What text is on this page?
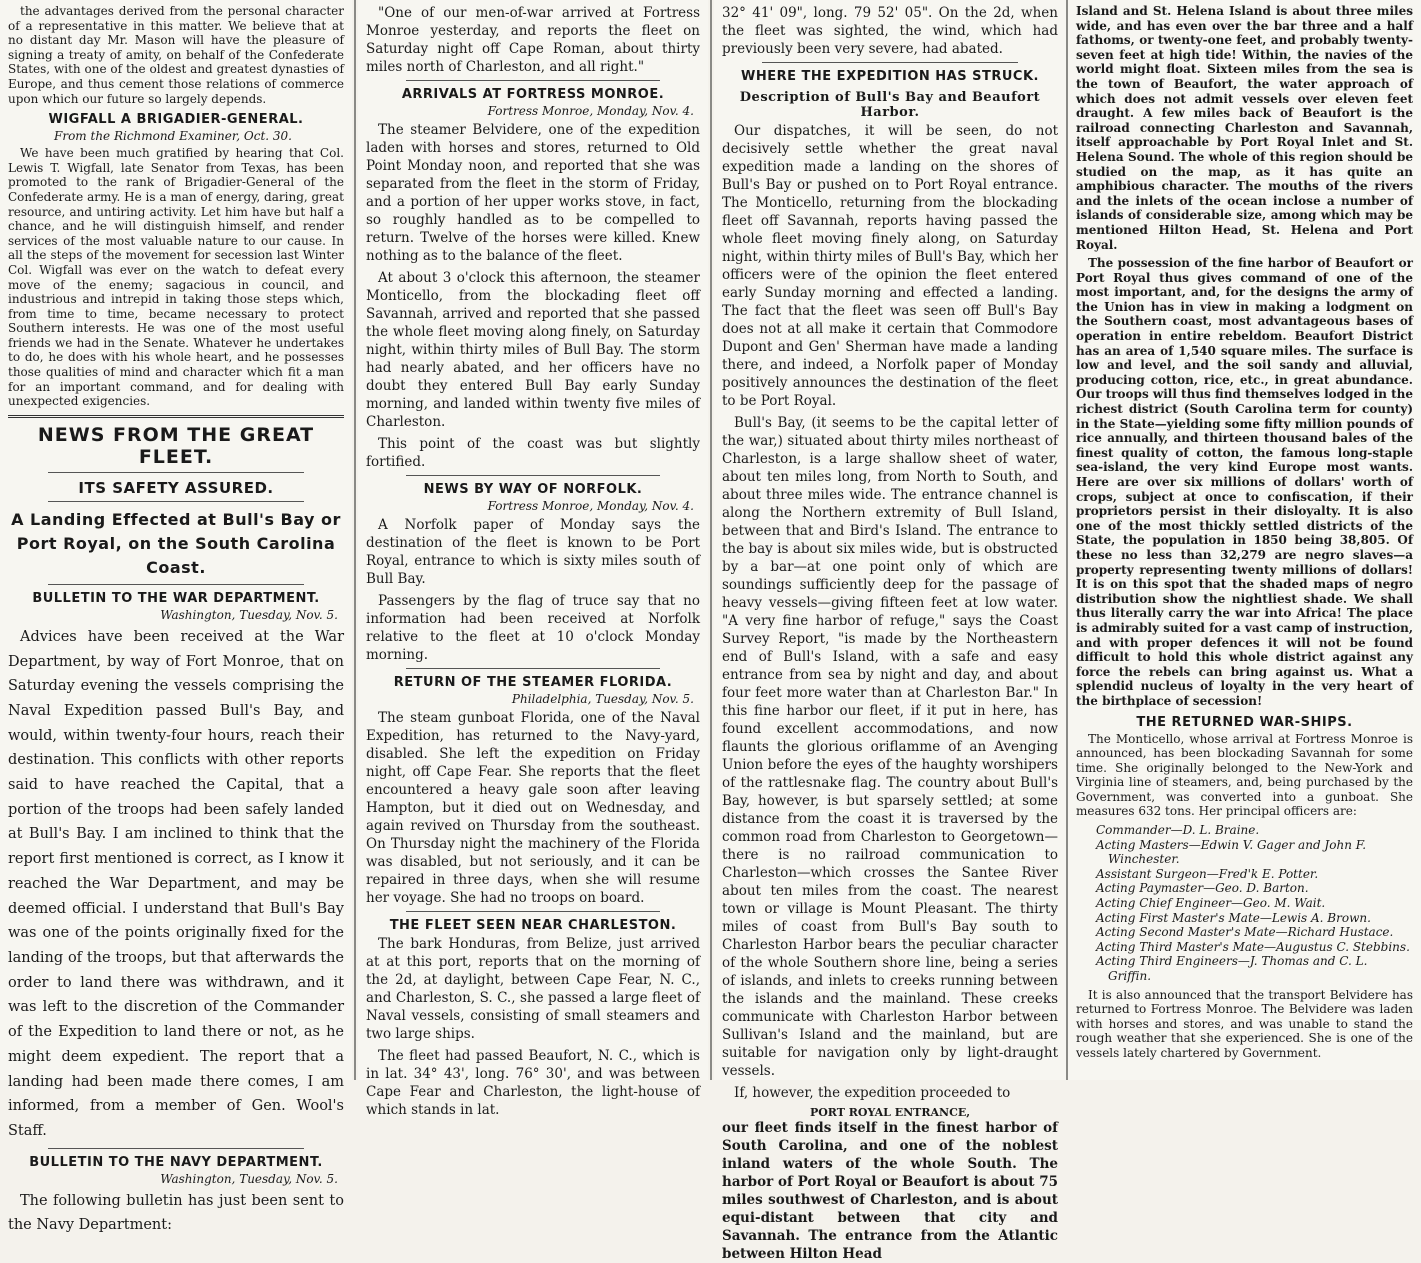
the advantages derived from the personal character of a representative in this matter. We believe that at no distant day Mr. Mason will have the pleasure of signing a treaty of amity, on behalf of the Confederate States, with one of the oldest and greatest dynasties of Europe, and thus cement those relations of commerce upon which our future so largely depends.

WIGFALL A BRIGADIER-GENERAL.
From the Richmond Examiner, Oct. 30.

We have been much gratified by hearing that Col. Lewis T. Wigfall, late Senator from Texas, has been promoted to the rank of Brigadier-General of the Confederate army. He is a man of energy, daring, great resource, and untiring activity. Let him have but half a chance, and he will distinguish himself, and render services of the most valuable nature to our cause. In all the steps of the movement for secession last Winter Col. Wigfall was ever on the watch to defeat every move of the enemy; sagacious in council, and industrious and intrepid in taking those steps which, from time to time, became necessary to protect Southern interests. He was one of the most useful friends we had in the Senate. Whatever he undertakes to do, he does with his whole heart, and he possesses those qualities of mind and character which fit a man for an important command, and for dealing with unexpected exigencies.

NEWS FROM THE GREAT FLEET.
ITS SAFETY ASSURED.
A Landing Effected at Bull's Bay or Port Royal, on the South Carolina Coast.
BULLETIN TO THE WAR DEPARTMENT.
Washington, Tuesday, Nov. 5.

Advices have been received at the War Department, by way of Fort Monroe, that on Saturday evening the vessels comprising the Naval Expedition passed Bull's Bay, and would, within twenty-four hours, reach their destination. This conflicts with other reports said to have reached the Capital, that a portion of the troops had been safely landed at Bull's Bay. I am inclined to think that the report first mentioned is correct, as I know it reached the War Department, and may be deemed official. I understand that Bull's Bay was one of the points originally fixed for the landing of the troops, but that afterwards the order to land there was withdrawn, and it was left to the discretion of the Commander of the Expedition to land there or not, as he might deem expedient. The report that a landing had been made there comes, I am informed, from a member of Gen. Wool's Staff.

BULLETIN TO THE NAVY DEPARTMENT.
Washington, Tuesday, Nov. 5.

The following bulletin has just been sent to the Navy Department:

"One of our men-of-war arrived at Fortress Monroe yesterday, and reports the fleet on Saturday night off Cape Roman, about thirty miles north of Charleston, and all right."

ARRIVALS AT FORTRESS MONROE.
Fortress Monroe, Monday, Nov. 4.

The steamer Belvidere, one of the expedition laden with horses and stores, returned to Old Point Monday noon, and reported that she was separated from the fleet in the storm of Friday, and a portion of her upper works stove, in fact, so roughly handled as to be compelled to return. Twelve of the horses were killed. Knew nothing as to the balance of the fleet.

At about 3 o'clock this afternoon, the steamer Monticello, from the blockading fleet off Savannah, arrived and reported that she passed the whole fleet moving along finely, on Saturday night, within thirty miles of Bull Bay. The storm had nearly abated, and her officers have no doubt they entered Bull Bay early Sunday morning, and landed within twenty five miles of Charleston.

This point of the coast was but slightly fortified.

NEWS BY WAY OF NORFOLK.
Fortress Monroe, Monday, Nov. 4.

A Norfolk paper of Monday says the destination of the fleet is known to be Port Royal, entrance to which is sixty miles south of Bull Bay.

Passengers by the flag of truce say that no information had been received at Norfolk relative to the fleet at 10 o'clock Monday morning.

RETURN OF THE STEAMER FLORIDA.
Philadelphia, Tuesday, Nov. 5.

The steam gunboat Florida, one of the Naval Expedition, has returned to the Navy-yard, disabled. She left the expedition on Friday night, off Cape Fear. She reports that the fleet encountered a heavy gale soon after leaving Hampton, but it died out on Wednesday, and again revived on Thursday from the southeast. On Thursday night the machinery of the Florida was disabled, but not seriously, and it can be repaired in three days, when she will resume her voyage. She had no troops on board.

THE FLEET SEEN NEAR CHARLESTON.

The bark Honduras, from Belize, just arrived at at this port, reports that on the morning of the 2d, at daylight, between Cape Fear, N. C., and Charleston, S. C., she passed a large fleet of Naval vessels, consisting of small steamers and two large ships.

The fleet had passed Beaufort, N. C., which is in lat. 34° 43', long. 76° 30', and was between Cape Fear and Charleston, the light-house of which stands in lat.

32° 41' 09", long. 79 52' 05". On the 2d, when the fleet was sighted, the wind, which had previously been very severe, had abated.

WHERE THE EXPEDITION HAS STRUCK.
Description of Bull's Bay and Beaufort Harbor.

Our dispatches, it will be seen, do not decisively settle whether the great naval expedition made a landing on the shores of Bull's Bay or pushed on to Port Royal entrance. The Monticello, returning from the blockading fleet off Savannah, reports having passed the whole fleet moving finely along, on Saturday night, within thirty miles of Bull's Bay, which her officers were of the opinion the fleet entered early Sunday morning and effected a landing. The fact that the fleet was seen off Bull's Bay does not at all make it certain that Commodore Dupont and Gen' Sherman have made a landing there, and indeed, a Norfolk paper of Monday positively announces the destination of the fleet to be Port Royal.

Bull's Bay, (it seems to be the capital letter of the war,) situated about thirty miles northeast of Charleston, is a large shallow sheet of water, about ten miles long, from North to South, and about three miles wide. The entrance channel is along the Northern extremity of Bull Island, between that and Bird's Island. The entrance to the bay is about six miles wide, but is obstructed by a bar—at one point only of which are soundings sufficiently deep for the passage of heavy vessels—giving fifteen feet at low water. "A very fine harbor of refuge," says the Coast Survey Report, "is made by the Northeastern end of Bull's Island, with a safe and easy entrance from sea by night and day, and about four feet more water than at Charleston Bar." In this fine harbor our fleet, if it put in here, has found excellent accommodations, and now flaunts the glorious oriflamme of an Avenging Union before the eyes of the haughty worshipers of the rattlesnake flag. The country about Bull's Bay, however, is but sparsely settled; at some distance from the coast it is traversed by the common road from Charleston to Georgetown—there is no railroad communication to Charleston—which crosses the Santee River about ten miles from the coast. The nearest town or village is Mount Pleasant. The thirty miles of coast from Bull's Bay south to Charleston Harbor bears the peculiar character of the whole Southern shore line, being a series of islands, and inlets to creeks running between the islands and the mainland. These creeks communicate with Charleston Harbor between Sullivan's Island and the mainland, but are suitable for navigation only by light-draught vessels.

If, however, the expedition proceeded to

PORT ROYAL ENTRANCE,

our fleet finds itself in the finest harbor of South Carolina, and one of the noblest inland waters of the whole South. The harbor of Port Royal or Beaufort is about 75 miles southwest of Charleston, and is about equi-distant between that city and Savannah. The entrance from the Atlantic between Hilton Head

Island and St. Helena Island is about three miles wide, and has even over the bar three and a half fathoms, or twenty-one feet, and probably twenty-seven feet at high tide! Within, the navies of the world might float. Sixteen miles from the sea is the town of Beaufort, the water approach of which does not admit vessels over eleven feet draught. A few miles back of Beaufort is the railroad connecting Charleston and Savannah, itself approachable by Port Royal Inlet and St. Helena Sound. The whole of this region should be studied on the map, as it has quite an amphibious character. The mouths of the rivers and the inlets of the ocean inclose a number of islands of considerable size, among which may be mentioned Hilton Head, St. Helena and Port Royal.

The possession of the fine harbor of Beaufort or Port Royal thus gives command of one of the most important, and, for the designs the army of the Union has in view in making a lodgment on the Southern coast, most advantageous bases of operation in entire rebeldom. Beaufort District has an area of 1,540 square miles. The surface is low and level, and the soil sandy and alluvial, producing cotton, rice, etc., in great abundance. Our troops will thus find themselves lodged in the richest district (South Carolina term for county) in the State—yielding some fifty million pounds of rice annually, and thirteen thousand bales of the finest quality of cotton, the famous long-staple sea-island, the very kind Europe most wants. Here are over six millions of dollars' worth of crops, subject at once to confiscation, if their proprietors persist in their disloyalty. It is also one of the most thickly settled districts of the State, the population in 1850 being 38,805. Of these no less than 32,279 are negro slaves—a property representing twenty millions of dollars! It is on this spot that the shaded maps of negro distribution show the nightliest shade. We shall thus literally carry the war into Africa! The place is admirably suited for a vast camp of instruction, and with proper defences it will not be found difficult to hold this whole district against any force the rebels can bring against us. What a splendid nucleus of loyalty in the very heart of the birthplace of secession!

THE RETURNED WAR-SHIPS.

The Monticello, whose arrival at Fortress Monroe is announced, has been blockading Savannah for some time. She originally belonged to the New-York and Virginia line of steamers, and, being purchased by the Government, was converted into a gunboat. She measures 632 tons. Her principal officers are:

Commander—D. L. Braine.
Acting Masters—Edwin V. Gager and John F. Winchester.
Assistant Surgeon—Fred'k E. Potter.
Acting Paymaster—Geo. D. Barton.
Acting Chief Engineer—Geo. M. Wait.
Acting First Master's Mate—Lewis A. Brown.
Acting Second Master's Mate—Richard Hustace.
Acting Third Master's Mate—Augustus C. Stebbins.
Acting Third Engineers—J. Thomas and C. L. Griffin.

It is also announced that the transport Belvidere has returned to Fortress Monroe. The Belvidere was laden with horses and stores, and was unable to stand the rough weather that she experienced. She is one of the vessels lately chartered by Government.
